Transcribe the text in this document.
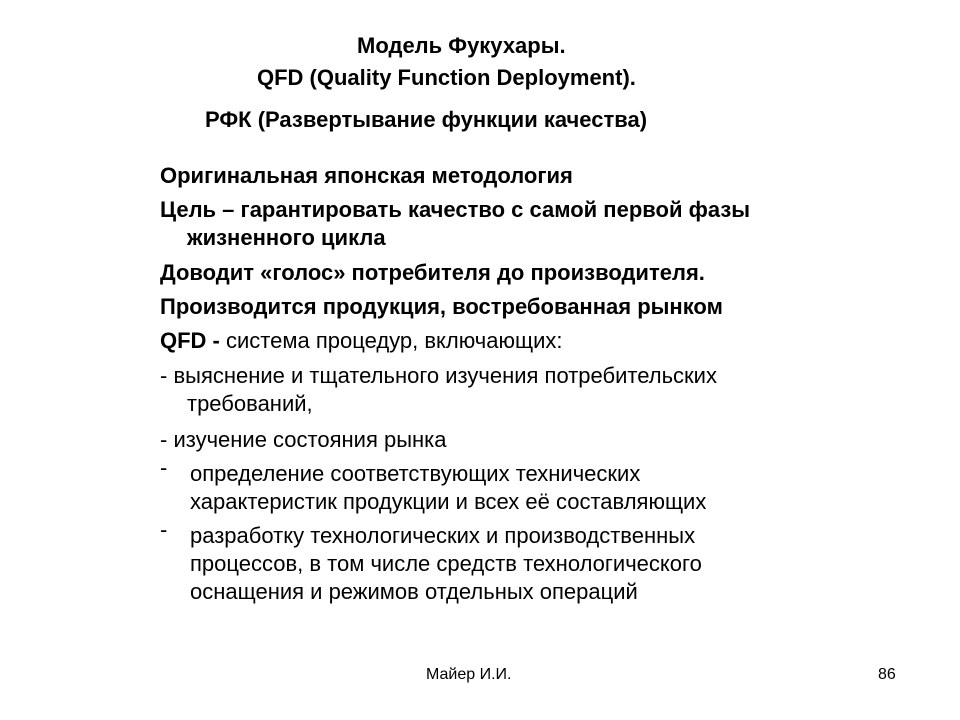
Модель Фукухары.
QFD (Quality Function Deployment).
РФК (Развертывание функции качества)
Оригинальная японская методология
Цель – гарантировать качество с самой первой фазы
жизненного цикла
Доводит «голос» потребителя до производителя.
Производится продукция, востребованная рынком
QFD - система процедур, включающих:
- выяснение и тщательного изучения потребительских
требований,
- изучение состояния рынка
- определение соответствующих технических
характеристик продукции и всех её составляющих
- разработку технологических и производственных
процессов, в том числе средств технологического
оснащения и режимов отдельных операций
Майер И.И.	86
